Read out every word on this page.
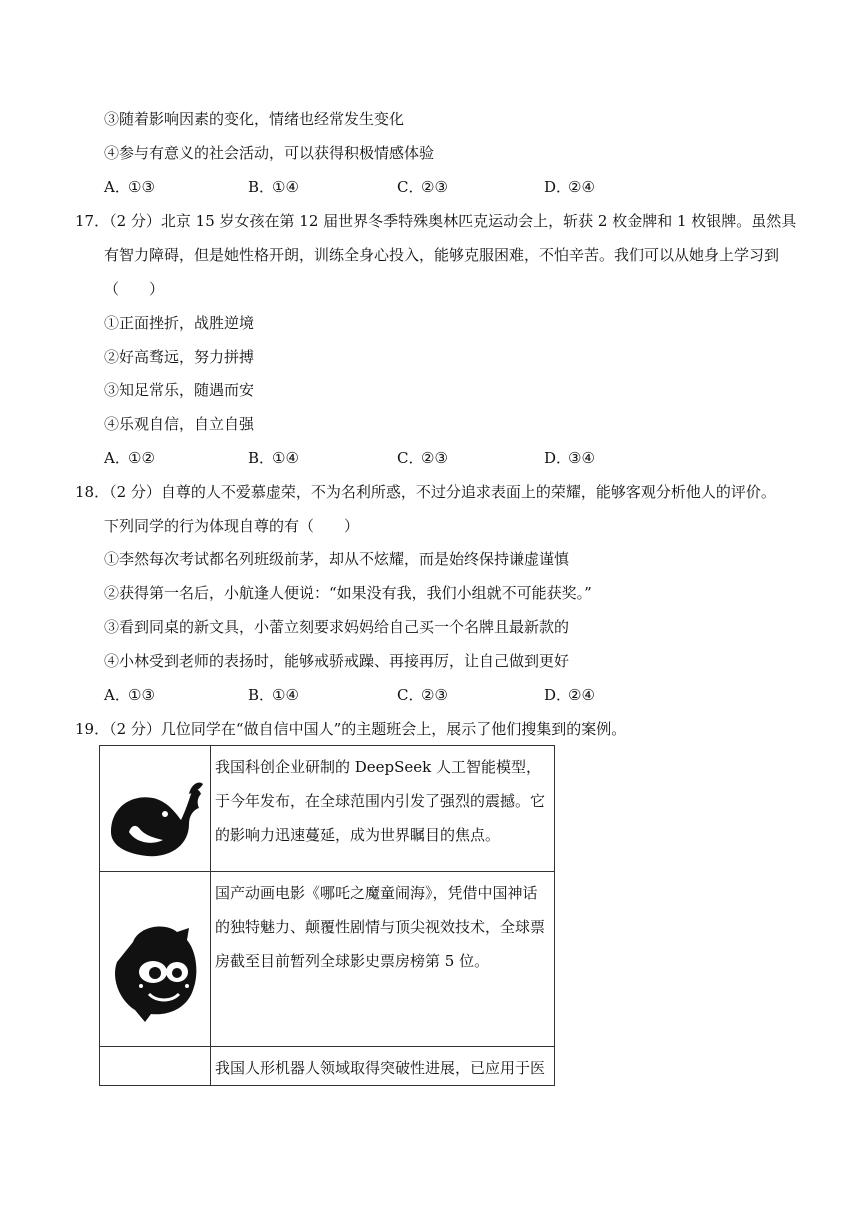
③随着影响因素的变化，情绪也经常发生变化
④参与有意义的社会活动，可以获得积极情感体验
A．①③	B．①④	C．②③	D．②④
17．（2 分）北京 15 岁女孩在第 12 届世界冬季特殊奥林匹克运动会上，斩获 2 枚金牌和 1 枚银牌。虽然具
有智力障碍，但是她性格开朗，训练全身心投入，能够克服困难，不怕辛苦。我们可以从她身上学习到
（　　）
①正面挫折，战胜逆境
②好高骛远，努力拼搏
③知足常乐，随遇而安
④乐观自信，自立自强
A．①②	B．①④	C．②③	D．③④
18．（2 分）自尊的人不爱慕虚荣，不为名利所惑，不过分追求表面上的荣耀，能够客观分析他人的评价。
下列同学的行为体现自尊的有（　　）
①李然每次考试都名列班级前茅，却从不炫耀，而是始终保持谦虚谨慎
②获得第一名后，小航逢人便说：“如果没有我，我们小组就不可能获奖。”
③看到同桌的新文具，小蕾立刻要求妈妈给自己买一个名牌且最新款的
④小林受到老师的表扬时，能够戒骄戒躁、再接再厉，让自己做到更好
A．①③	B．①④	C．②③	D．②④
19．（2 分）几位同学在“做自信中国人”的主题班会上，展示了他们搜集到的案例。
	我国科创企业研制的 DeepSeek 人工智能模型，于今年发布，在全球范围内引发了强烈的震撼。它的影响力迅速蔓延，成为世界瞩目的焦点。

	国产动画电影《哪吒之魔童闹海》，凭借中国神话的独特魅力、颠覆性剧情与顶尖视效技术，全球票房截至目前暂列全球影史票房榜第 5 位。
	我国人形机器人领域取得突破性进展，已应用于医
